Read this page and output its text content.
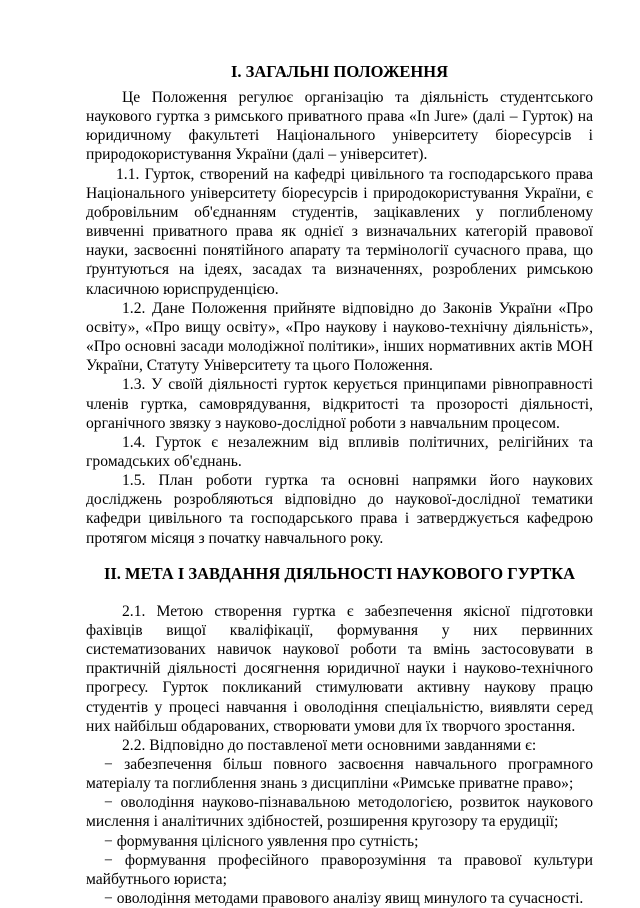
I. ЗАГАЛЬНІ ПОЛОЖЕННЯ

Це Положення регулює організацію та діяльність студентського наукового гуртка з римського приватного права «In Jure» (далі – Гурток) на юридичному факультеті Національного університету біоресурсів і природокористування України (далі – університет).

1.1. Гурток, створений на кафедрі цивільного та господарського права Національного університету біоресурсів і природокористування України, є добровільним об'єднанням студентів, зацікавлених у поглибленому вивченні приватного права як однієї з визначальних категорій правової науки, засвоєнні понятійного апарату та термінології сучасного права, що ґрунтуються на ідеях, засадах та визначеннях, розроблених римською класичною юриспруденцією.

1.2. Дане Положення прийняте відповідно до Законів України «Про освіту», «Про вищу освіту», «Про наукову і науково-технічну діяльність», «Про основні засади молодіжної політики», інших нормативних актів МОН України, Статуту Університету та цього Положення.

1.3. У своїй діяльності гурток керується принципами рівноправності членів гуртка, самоврядування, відкритості та прозорості діяльності, органічного звязку з науково-дослідної роботи з навчальним процесом.

1.4. Гурток є незалежним від впливів політичних, релігійних та громадських об'єднань.

1.5. План роботи гуртка та основні напрямки його наукових досліджень розробляються відповідно до наукової-дослідної тематики кафедри цивільного та господарського права і затверджується кафедрою протягом місяця з початку навчального року.

II. МЕТА І ЗАВДАННЯ ДІЯЛЬНОСТІ НАУКОВОГО ГУРТКА

2.1. Метою створення гуртка є забезпечення якісної підготовки фахівців вищої кваліфікації, формування у них первинних систематизованих навичок наукової роботи та вмінь застосовувати в практичній діяльності досягнення юридичної науки і науково-технічного прогресу. Гурток покликаний стимулювати активну наукову працю студентів у процесі навчання і оволодіння спеціальністю, виявляти серед них найбільш обдарованих, створювати умови для їх творчого зростання.

2.2. Відповідно до поставленої мети основними завданнями є:

− забезпечення більш повного засвоєння навчального програмного матеріалу та поглиблення знань з дисципліни «Римське приватне право»;

− оволодіння науково-пізнавальною методологією, розвиток наукового мислення і аналітичних здібностей, розширення кругозору та ерудиції;

− формування цілісного уявлення про сутність;

− формування професійного праворозуміння та правової культури майбутнього юриста;

− оволодіння методами правового аналізу явищ минулого та сучасності.
